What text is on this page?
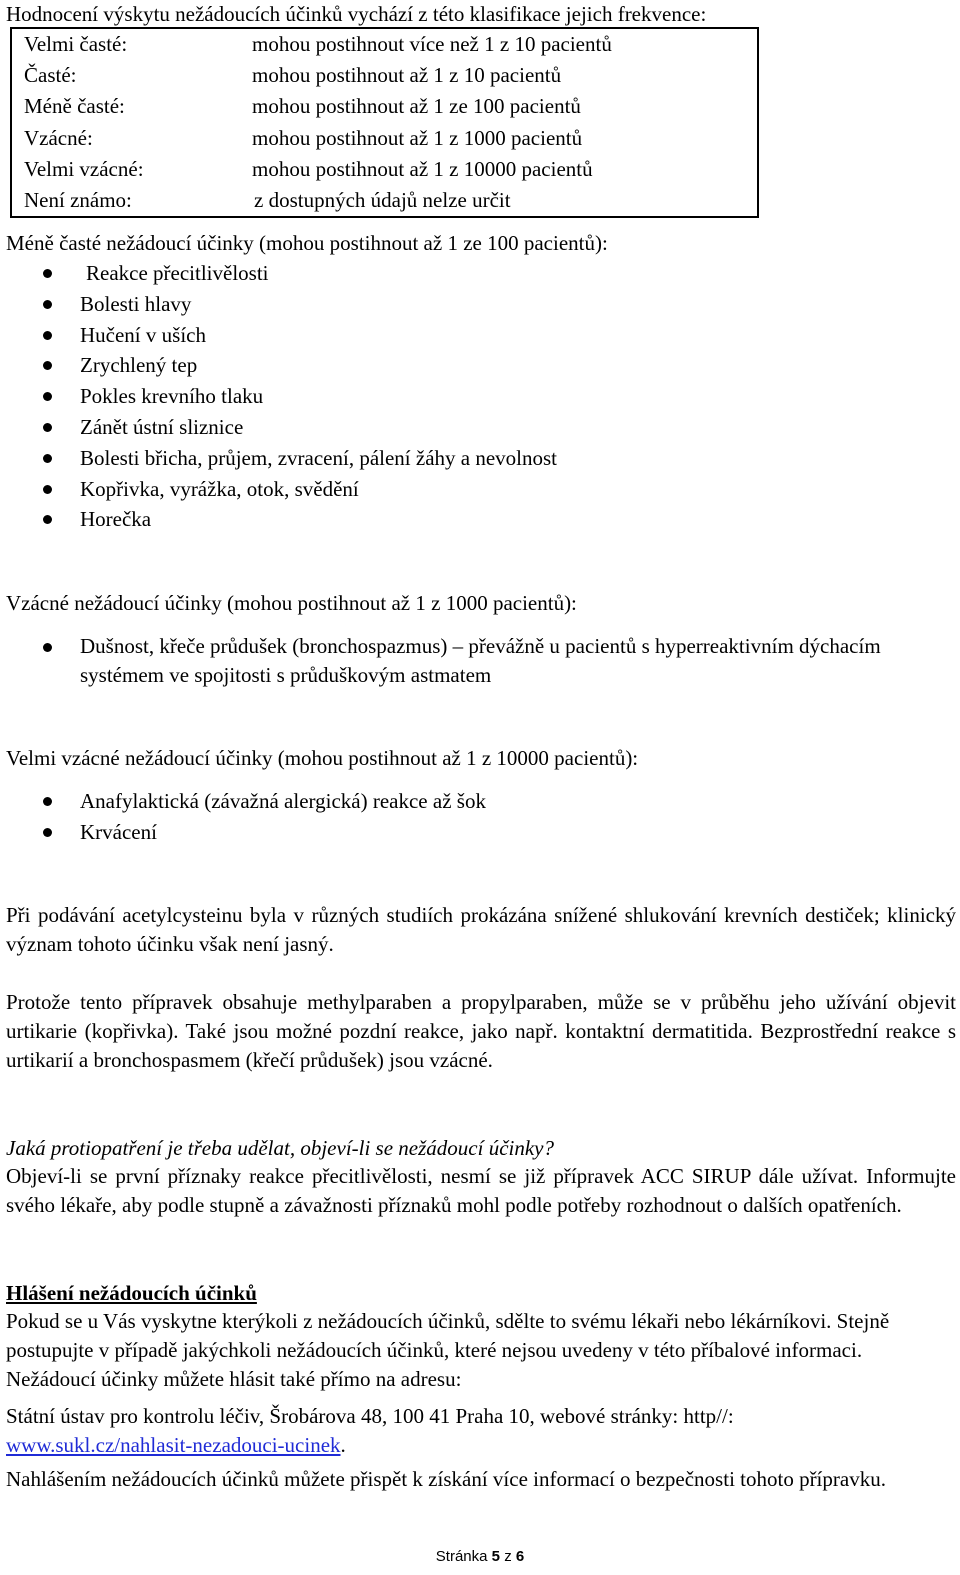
Hodnocení výskytu nežádoucích účinků vychází z této klasifikace jejich frekvence:
Velmi časté:	mohou postihnout více než 1 z 10 pacientů
Časté:	mohou postihnout až 1 z 10 pacientů
Méně časté:	mohou postihnout až 1 ze 100 pacientů
Vzácné:	mohou postihnout až 1 z 1000 pacientů
Velmi vzácné:	mohou postihnout až 1 z 10000 pacientů
Není známo:	z dostupných údajů nelze určit
Méně časté nežádoucí účinky (mohou postihnout až 1 ze 100 pacientů):
Reakce přecitlivělosti
Bolesti hlavy
Hučení v uších
Zrychlený tep
Pokles krevního tlaku
Zánět ústní sliznice
Bolesti břicha, průjem, zvracení, pálení žáhy a nevolnost
Kopřivka, vyrážka, otok, svědění
Horečka
Vzácné nežádoucí účinky (mohou postihnout až 1 z 1000 pacientů):
Dušnost, křeče průdušek (bronchospazmus) – převážně u pacientů s hyperreaktivním dýchacím systémem ve spojitosti s průduškovým astmatem
Velmi vzácné nežádoucí účinky (mohou postihnout až 1 z 10000 pacientů):
Anafylaktická (závažná alergická) reakce až šok
Krvácení
Při podávání acetylcysteinu byla v různých studiích prokázána snížené shlukování krevních destiček; klinický význam tohoto účinku však není jasný.
Protože tento přípravek obsahuje methylparaben a propylparaben, může se v průběhu jeho užívání objevit urtikarie (kopřivka). Také jsou možné pozdní reakce, jako např. kontaktní dermatitida. Bezprostřední reakce s urtikarií a bronchospasmem (křečí průdušek) jsou vzácné.
Jaká protiopatření je třeba udělat, objeví-li se nežádoucí účinky?
Objeví-li se první příznaky reakce přecitlivělosti, nesmí se již přípravek ACC SIRUP dále užívat. Informujte svého lékaře, aby podle stupně a závažnosti příznaků mohl podle potřeby rozhodnout o dalších opatřeních.
Hlášení nežádoucích účinků
Pokud se u Vás vyskytne kterýkoli z nežádoucích účinků, sdělte to svému lékaři nebo lékárníkovi. Stejně postupujte v případě jakýchkoli nežádoucích účinků, které nejsou uvedeny v této příbalové informaci. Nežádoucí účinky můžete hlásit také přímo na adresu:
Státní ústav pro kontrolu léčiv, Šrobárova 48, 100 41 Praha 10, webové stránky: http//:
www.sukl.cz/nahlasit-nezadouci-ucinek.
Nahlášením nežádoucích účinků můžete přispět k získání více informací o bezpečnosti tohoto přípravku.
Stránka 5 z 6
